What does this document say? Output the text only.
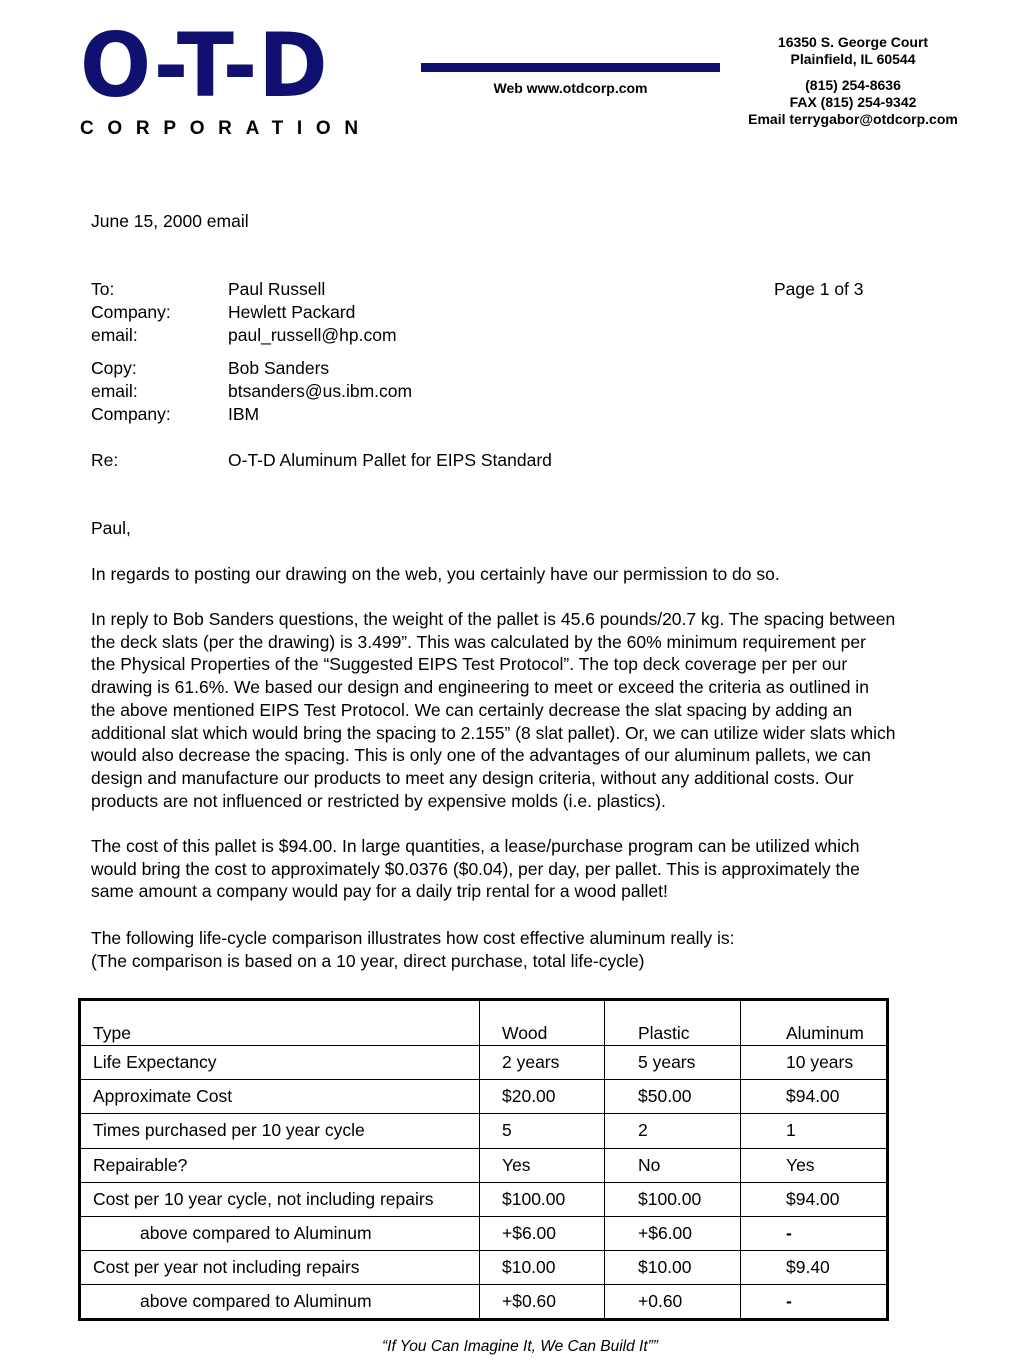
O-T-D
CORPORATION
Web www.otdcorp.com
16350 S. George Court
Plainfield, IL 60544
(815) 254-8636
FAX (815) 254-9342
Email terrygabor@otdcorp.com
June 15, 2000 email
To:	Paul Russell	Page 1 of 3
Company:	Hewlett Packard
email:	paul_russell@hp.com
Copy:	Bob Sanders
email:	btsanders@us.ibm.com
Company:	IBM
Re:	O-T-D Aluminum Pallet for EIPS Standard
Paul,
In regards to posting our drawing on the web, you certainly have our permission to do so.
In reply to Bob Sanders questions, the weight of the pallet is 45.6 pounds/20.7 kg. The spacing between
the deck slats (per the drawing) is 3.499”. This was calculated by the 60% minimum requirement per
the Physical Properties of the “Suggested EIPS Test Protocol”. The top deck coverage per per our
drawing is 61.6%. We based our design and engineering to meet or exceed the criteria as outlined in
the above mentioned EIPS Test Protocol. We can certainly decrease the slat spacing by adding an
additional slat which would bring the spacing to 2.155” (8 slat pallet). Or, we can utilize wider slats which
would also decrease the spacing. This is only one of the advantages of our aluminum pallets, we can
design and manufacture our products to meet any design criteria, without any additional costs. Our
products are not influenced or restricted by expensive molds (i.e. plastics).
The cost of this pallet is $94.00. In large quantities, a lease/purchase program can be utilized which
would bring the cost to approximately $0.0376 ($0.04), per day, per pallet. This is approximately the
same amount a company would pay for a daily trip rental for a wood pallet!
The following life-cycle comparison illustrates how cost effective aluminum really is:
(The comparison is based on a 10 year, direct purchase, total life-cycle)
Type	Wood	Plastic	Aluminum
Life Expectancy	2 years	5 years	10 years
Approximate Cost	$20.00	$50.00	$94.00
Times purchased per 10 year cycle	5	2	1
Repairable?	Yes	No	Yes
Cost per 10 year cycle, not including repairs	$100.00	$100.00	$94.00
above compared to Aluminum	+$6.00	+$6.00	-
Cost per year not including repairs	$10.00	$10.00	$9.40
above compared to Aluminum	+$0.60	+0.60	-
“If You Can Imagine It, We Can Build It””
